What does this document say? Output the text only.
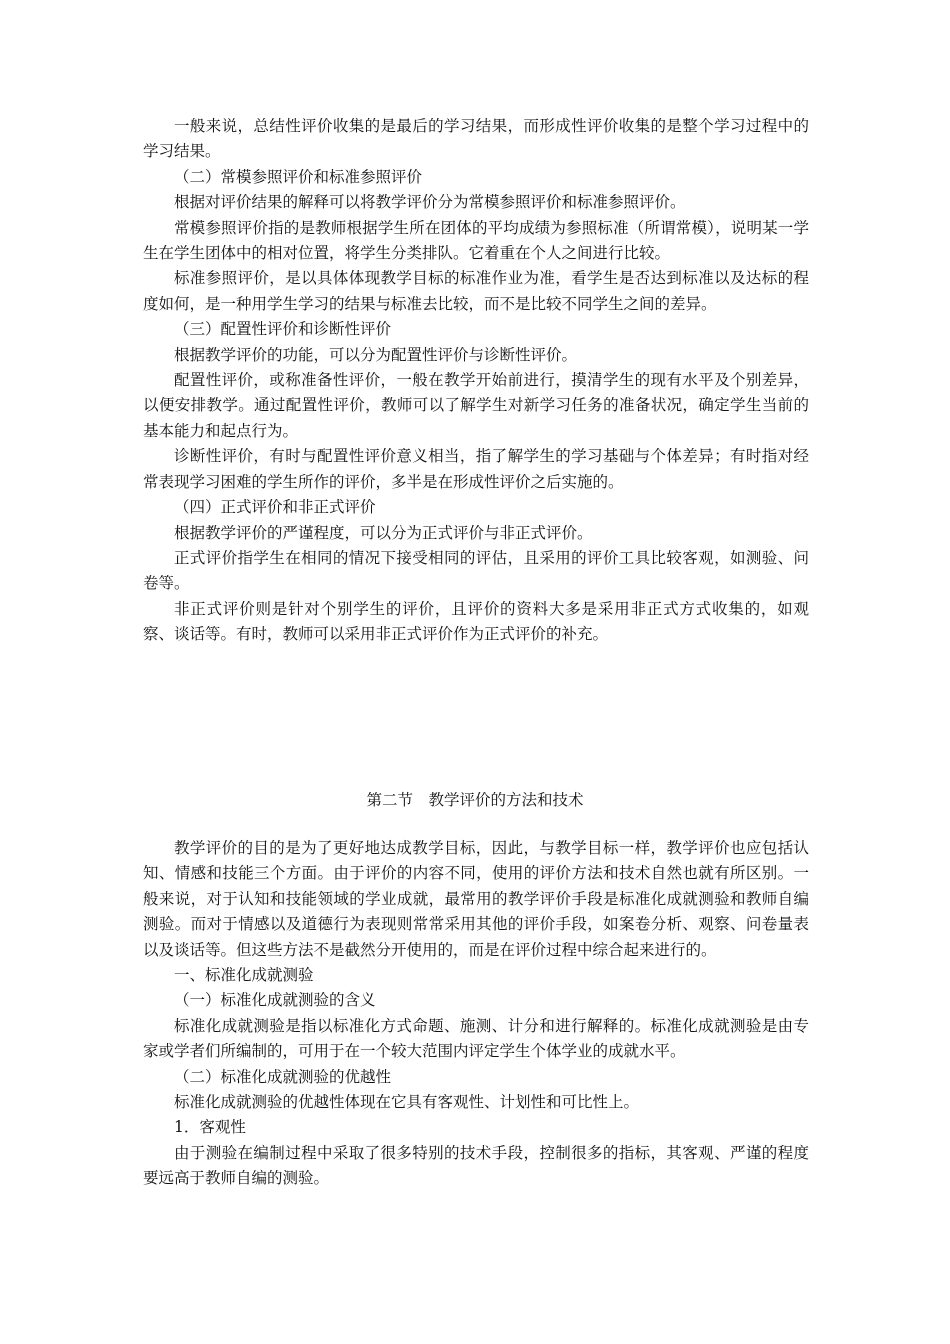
一般来说，总结性评价收集的是最后的学习结果，而形成性评价收集的是整个学习过程中的学习结果。

（二）常模参照评价和标准参照评价

根据对评价结果的解释可以将教学评价分为常模参照评价和标准参照评价。

常模参照评价指的是教师根据学生所在团体的平均成绩为参照标准（所谓常模），说明某一学生在学生团体中的相对位置，将学生分类排队。它着重在个人之间进行比较。

标准参照评价，是以具体体现教学目标的标准作业为准，看学生是否达到标准以及达标的程度如何，是一种用学生学习的结果与标准去比较，而不是比较不同学生之间的差异。

（三）配置性评价和诊断性评价

根据教学评价的功能，可以分为配置性评价与诊断性评价。

配置性评价，或称准备性评价，一般在教学开始前进行，摸清学生的现有水平及个别差异，以便安排教学。通过配置性评价，教师可以了解学生对新学习任务的准备状况，确定学生当前的基本能力和起点行为。

诊断性评价，有时与配置性评价意义相当，指了解学生的学习基础与个体差异；有时指对经常表现学习困难的学生所作的评价，多半是在形成性评价之后实施的。

（四）正式评价和非正式评价

根据教学评价的严谨程度，可以分为正式评价与非正式评价。

正式评价指学生在相同的情况下接受相同的评估，且采用的评价工具比较客观，如测验、问卷等。

非正式评价则是针对个别学生的评价，且评价的资料大多是采用非正式方式收集的，如观察、谈话等。有时，教师可以采用非正式评价作为正式评价的补充。

第二节　教学评价的方法和技术

教学评价的目的是为了更好地达成教学目标，因此，与教学目标一样，教学评价也应包括认知、情感和技能三个方面。由于评价的内容不同，使用的评价方法和技术自然也就有所区别。一般来说，对于认知和技能领域的学业成就，最常用的教学评价手段是标准化成就测验和教师自编测验。而对于情感以及道德行为表现则常常采用其他的评价手段，如案卷分析、观察、问卷量表以及谈话等。但这些方法不是截然分开使用的，而是在评价过程中综合起来进行的。

一、标准化成就测验

（一）标准化成就测验的含义

标准化成就测验是指以标准化方式命题、施测、计分和进行解释的。标准化成就测验是由专家或学者们所编制的，可用于在一个较大范围内评定学生个体学业的成就水平。

（二）标准化成就测验的优越性

标准化成就测验的优越性体现在它具有客观性、计划性和可比性上。

1．客观性

由于测验在编制过程中采取了很多特别的技术手段，控制很多的指标，其客观、严谨的程度要远高于教师自编的测验。
